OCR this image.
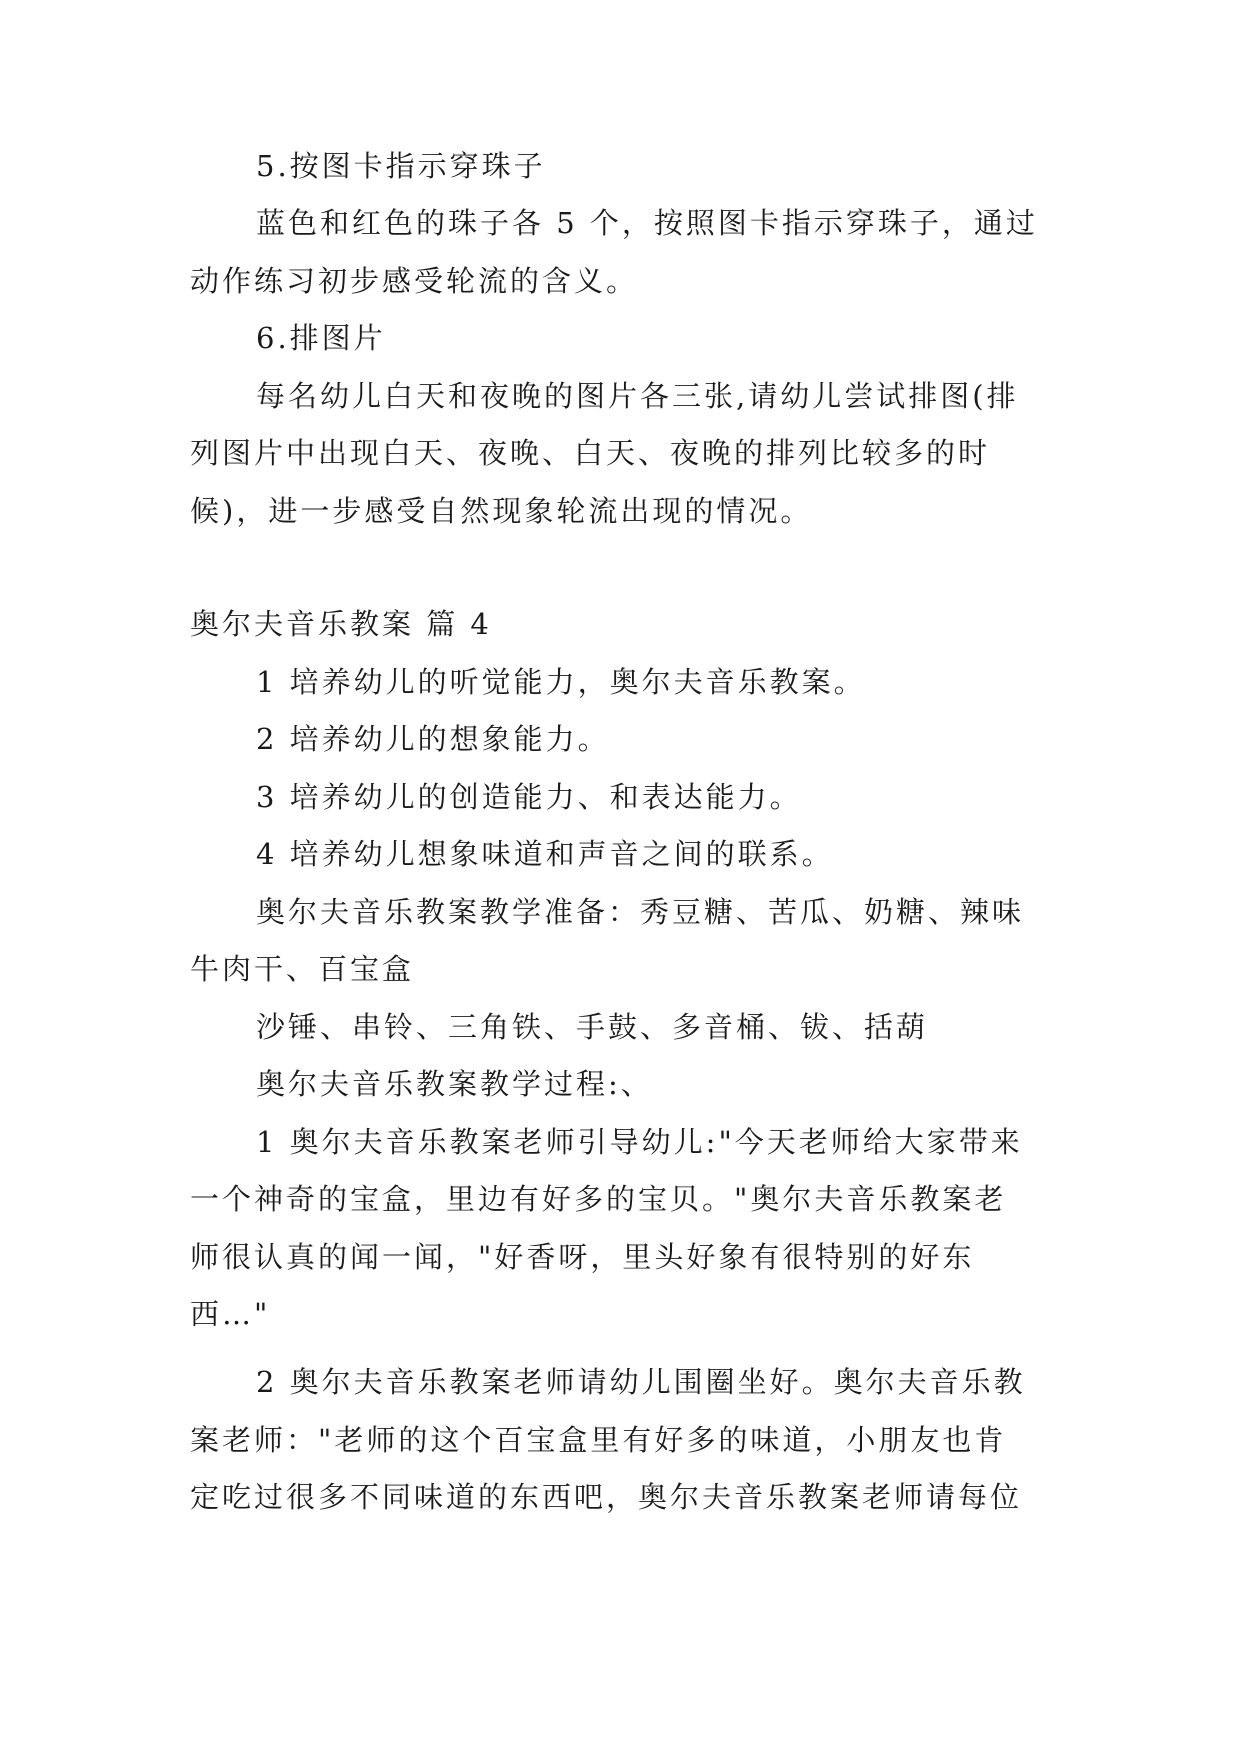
5.按图卡指示穿珠子
蓝色和红色的珠子各 5 个，按照图卡指示穿珠子，通过
动作练习初步感受轮流的含义。
6.排图片
每名幼儿白天和夜晚的图片各三张,请幼儿尝试排图(排
列图片中出现白天、夜晚、白天、夜晚的排列比较多的时
候)，进一步感受自然现象轮流出现的情况。
奥尔夫音乐教案 篇 4
1 培养幼儿的听觉能力，奥尔夫音乐教案。
2 培养幼儿的想象能力。
3 培养幼儿的创造能力、和表达能力。
4 培养幼儿想象味道和声音之间的联系。
奥尔夫音乐教案教学准备：秀豆糖、苦瓜、奶糖、辣味
牛肉干、百宝盒
沙锤、串铃、三角铁、手鼓、多音桶、钹、括葫
奥尔夫音乐教案教学过程:、
1 奥尔夫音乐教案老师引导幼儿:"今天老师给大家带来
一个神奇的宝盒，里边有好多的宝贝。"奥尔夫音乐教案老
师很认真的闻一闻，"好香呀，里头好象有很特别的好东
西…"
2 奥尔夫音乐教案老师请幼儿围圈坐好。奥尔夫音乐教
案老师："老师的这个百宝盒里有好多的味道，小朋友也肯
定吃过很多不同味道的东西吧，奥尔夫音乐教案老师请每位
